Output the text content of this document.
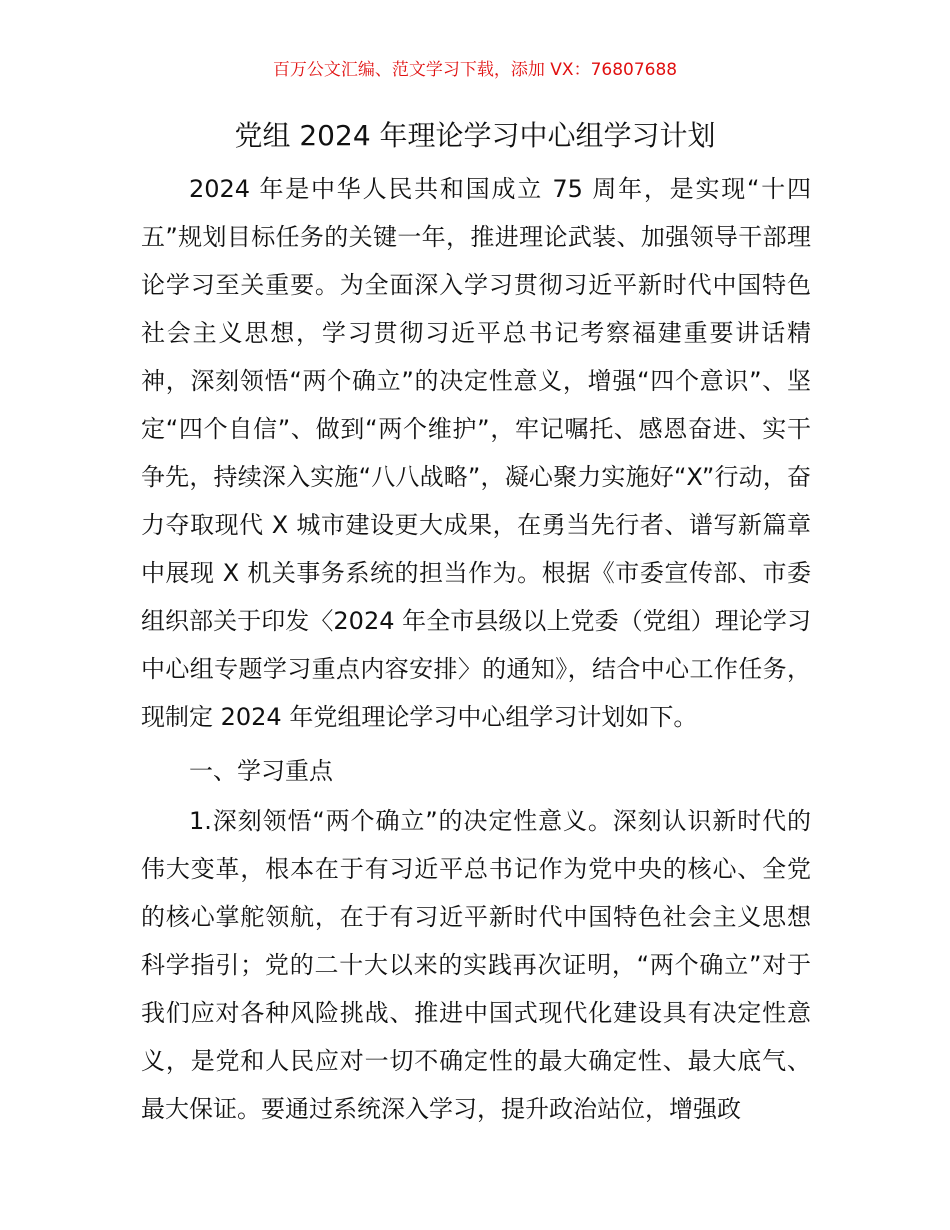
百万公文汇编、范文学习下载，添加 VX：76807688
党组 2024 年理论学习中心组学习计划

2024 年是中华人民共和国成立 75 周年，是实现“十四五”规划目标任务的关键一年，推进理论武装、加强领导干部理论学习至关重要。为全面深入学习贯彻习近平新时代中国特色社会主义思想，学习贯彻习近平总书记考察福建重要讲话精神，深刻领悟“两个确立”的决定性意义，增强“四个意识”、坚定“四个自信”、做到“两个维护”，牢记嘱托、感恩奋进、实干争先，持续深入实施“八八战略”，凝心聚力实施好“X”行动，奋力夺取现代 X 城市建设更大成果，在勇当先行者、谱写新篇章中展现 X 机关事务系统的担当作为。根据《市委宣传部、市委组织部关于印发〈2024 年全市县级以上党委（党组）理论学习中心组专题学习重点内容安排〉的通知》，结合中心工作任务，现制定 2024 年党组理论学习中心组学习计划如下。

一、学习重点

1.深刻领悟“两个确立”的决定性意义。深刻认识新时代的伟大变革，根本在于有习近平总书记作为党中央的核心、全党的核心掌舵领航，在于有习近平新时代中国特色社会主义思想科学指引；党的二十大以来的实践再次证明，“两个确立”对于我们应对各种风险挑战、推进中国式现代化建设具有决定性意义，是党和人民应对一切不确定性的最大确定性、最大底气、最大保证。要通过系统深入学习，提升政治站位，增强政
